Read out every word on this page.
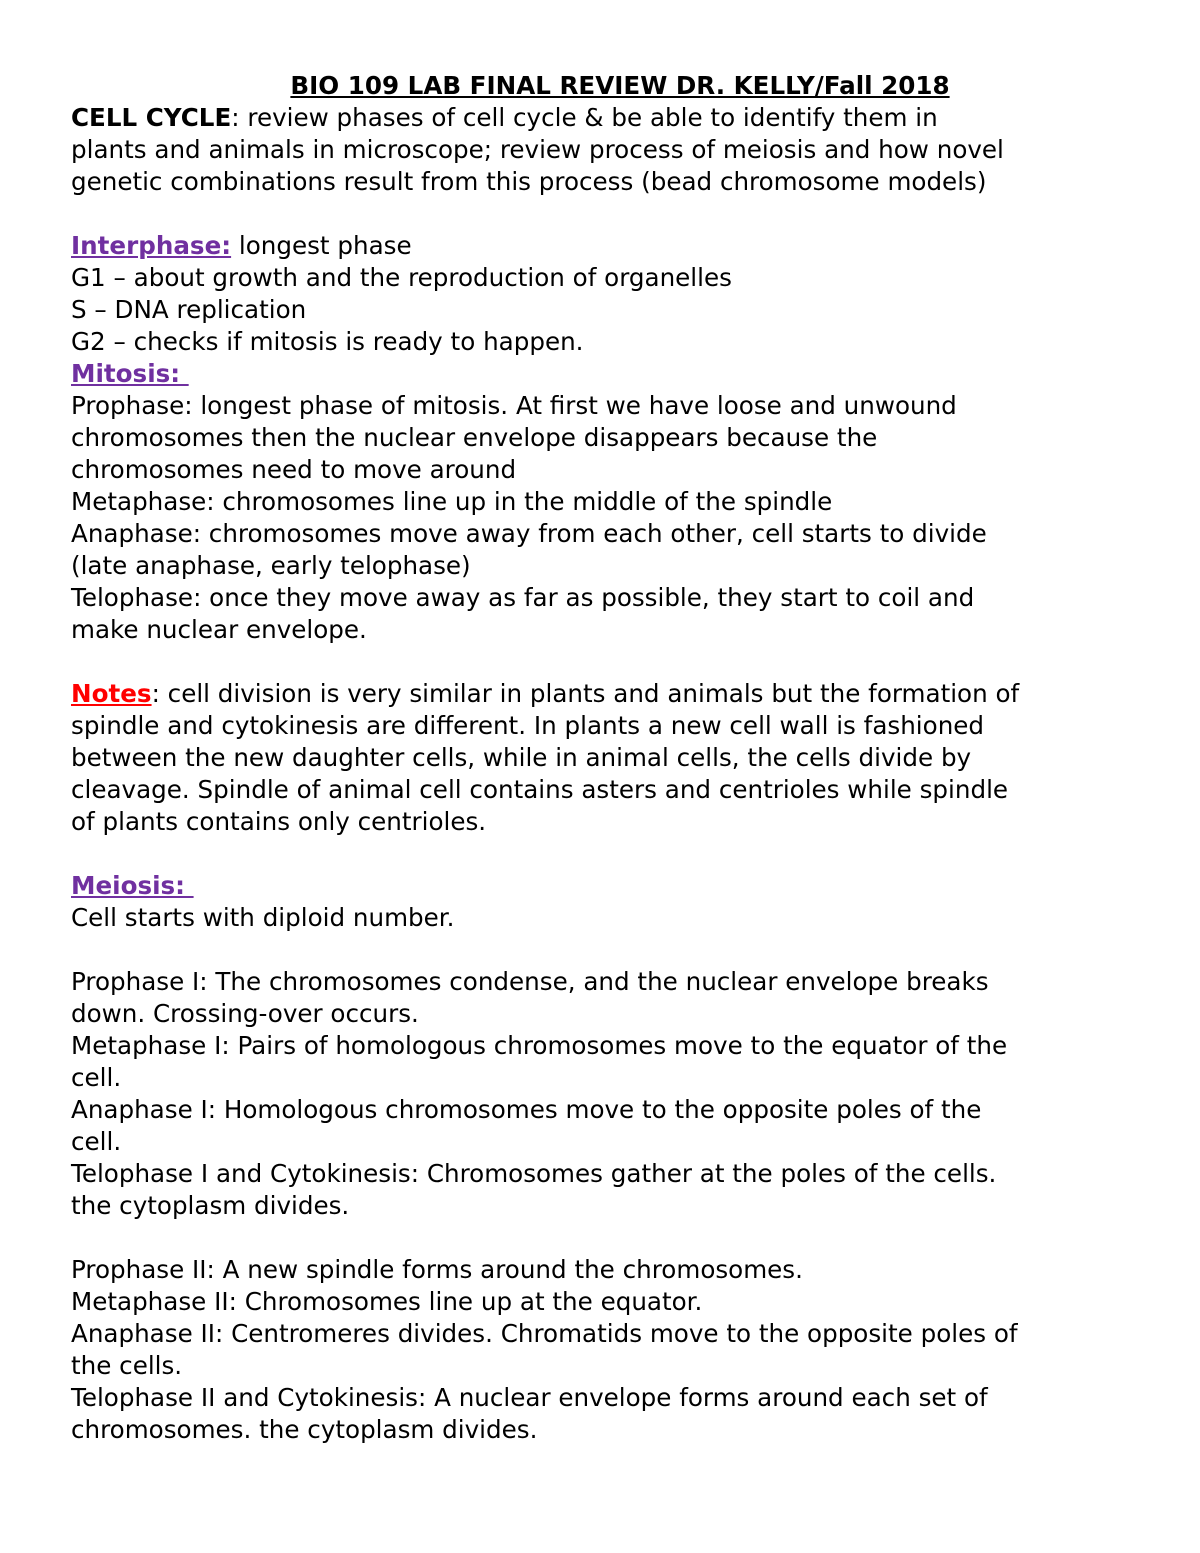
BIO 109 LAB FINAL REVIEW DR. KELLY/Fall 2018
CELL CYCLE: review phases of cell cycle & be able to identify them in
plants and animals in microscope; review process of meiosis and how novel
genetic combinations result from this process (bead chromosome models)
Interphase: longest phase
G1 – about growth and the reproduction of organelles
S – DNA replication
G2 – checks if mitosis is ready to happen.
Mitosis:
Prophase: longest phase of mitosis. At first we have loose and unwound
chromosomes then the nuclear envelope disappears because the
chromosomes need to move around
Metaphase: chromosomes line up in the middle of the spindle
Anaphase: chromosomes move away from each other, cell starts to divide
(late anaphase, early telophase)
Telophase: once they move away as far as possible, they start to coil and
make nuclear envelope.
Notes: cell division is very similar in plants and animals but the formation of
spindle and cytokinesis are different. In plants a new cell wall is fashioned
between the new daughter cells, while in animal cells, the cells divide by
cleavage. Spindle of animal cell contains asters and centrioles while spindle
of plants contains only centrioles.
Meiosis:
Cell starts with diploid number.
Prophase I: The chromosomes condense, and the nuclear envelope breaks
down. Crossing-over occurs.
Metaphase I: Pairs of homologous chromosomes move to the equator of the
cell.
Anaphase I: Homologous chromosomes move to the opposite poles of the
cell.
Telophase I and Cytokinesis: Chromosomes gather at the poles of the cells.
the cytoplasm divides.
Prophase II: A new spindle forms around the chromosomes.
Metaphase II: Chromosomes line up at the equator.
Anaphase II: Centromeres divides. Chromatids move to the opposite poles of
the cells.
Telophase II and Cytokinesis: A nuclear envelope forms around each set of
chromosomes. the cytoplasm divides.
